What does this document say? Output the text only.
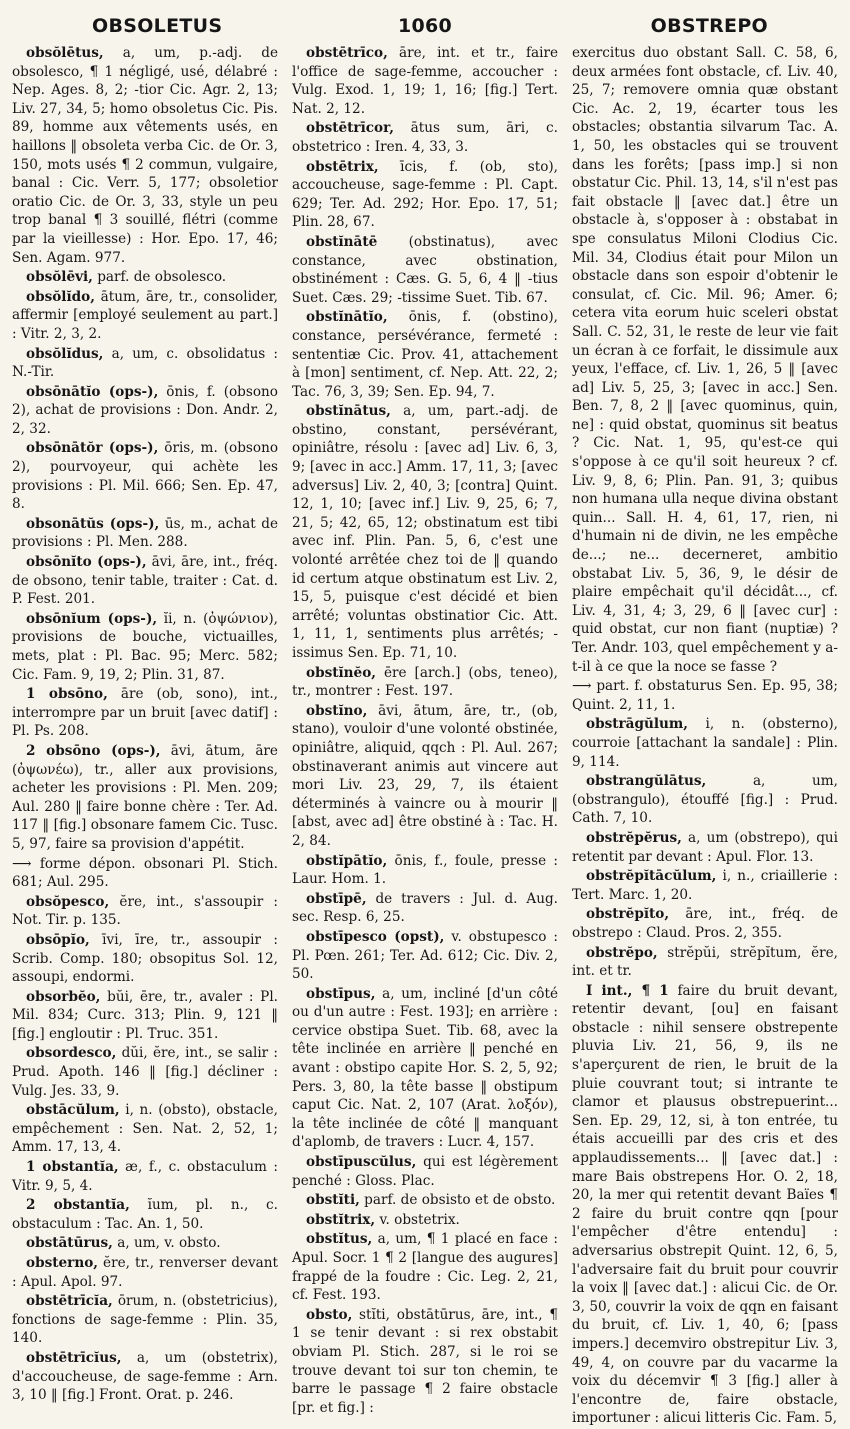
OBSOLETUS	1060	OBSTREPO

obsŏlētus, a, um, p.-adj. de obsolesco, ¶ 1 négligé, usé, délabré : Nep. Ages. 8, 2; -tior Cic. Agr. 2, 13; Liv. 27, 34, 5; homo obsoletus Cic. Pis. 89, homme aux vêtements usés, en haillons ‖ obsoleta verba Cic. de Or. 3, 150, mots usés ¶ 2 commun, vulgaire, banal : Cic. Verr. 5, 177; obsoletior oratio Cic. de Or. 3, 33, style un peu trop banal ¶ 3 souillé, flétri (comme par la vieillesse) : Hor. Epo. 17, 46; Sen. Agam. 977.

obsŏlēvi, parf. de obsolesco.

obsŏlĭdo, ātum, āre, tr., consolider, affermir [employé seulement au part.] : Vitr. 2, 3, 2.

obsŏlĭdus, a, um, c. obsolidatus : N.-Tir.

obsōnātĭo (ops-), ōnis, f. (obsono 2), achat de provisions : Don. Andr. 2, 2, 32.

obsōnātŏr (ops-), ōris, m. (obsono 2), pourvoyeur, qui achète les provisions : Pl. Mil. 666; Sen. Ep. 47, 8.

obsonātŭs (ops-), ūs, m., achat de provisions : Pl. Men. 288.

obsōnĭto (ops-), āvi, āre, int., fréq. de obsono, tenir table, traiter : Cat. d. P. Fest. 201.

obsōnĭum (ops-), ĭi, n. (ὀψώνιον), provisions de bouche, victuailles, mets, plat : Pl. Bac. 95; Merc. 582; Cic. Fam. 9, 19, 2; Plin. 31, 87.

1 obsōno, āre (ob, sono), int., interrompre par un bruit [avec datif] : Pl. Ps. 208.

2 obsōno (ops-), āvi, ātum, āre (ὀψωνέω), tr., aller aux provisions, acheter les provisions : Pl. Men. 209; Aul. 280 ‖ faire bonne chère : Ter. Ad. 117 ‖ [fig.] obsonare famem Cic. Tusc. 5, 97, faire sa provision d'appétit.

⟶ forme dépon. obsonari Pl. Stich. 681; Aul. 295.

obsŏpesco, ĕre, int., s'assoupir : Not. Tir. p. 135.

obsōpĭo, īvi, īre, tr., assoupir : Scrib. Comp. 180; obsopitus Sol. 12, assoupi, endormi.

obsorbĕo, bŭi, ēre, tr., avaler : Pl. Mil. 834; Curc. 313; Plin. 9, 121 ‖ [fig.] engloutir : Pl. Truc. 351.

obsordesco, dŭi, ĕre, int., se salir : Prud. Apoth. 146 ‖ [fig.] décliner : Vulg. Jes. 33, 9.

obstācŭlum, i, n. (obsto), obstacle, empêchement : Sen. Nat. 2, 52, 1; Amm. 17, 13, 4.

1 obstantĭa, æ, f., c. obstaculum : Vitr. 9, 5, 4.

2 obstantĭa, ĭum, pl. n., c. obstaculum : Tac. An. 1, 50.

obstātūrus, a, um, v. obsto.

obsterno, ĕre, tr., renverser devant : Apul. Apol. 97.

obstētrīcĭa, ōrum, n. (obstetricius), fonctions de sage-femme : Plin. 35, 140.

obstētrīcĭus, a, um (obstetrix), d'accoucheuse, de sage-femme : Arn. 3, 10 ‖ [fig.] Front. Orat. p. 246.

obstētrīco, āre, int. et tr., faire l'office de sage-femme, accoucher : Vulg. Exod. 1, 19; 1, 16; [fig.] Tert. Nat. 2, 12.

obstētrīcor, ātus sum, āri, c. obstetrico : Iren. 4, 33, 3.

obstētrix, īcis, f. (ob, sto), accoucheuse, sage-femme : Pl. Capt. 629; Ter. Ad. 292; Hor. Epo. 17, 51; Plin. 28, 67.

obstĭnātē (obstinatus), avec constance, avec obstination, obstinément : Cæs. G. 5, 6, 4 ‖ -tius Suet. Cæs. 29; -tissime Suet. Tib. 67.

obstĭnātĭo, ōnis, f. (obstino), constance, persévérance, fermeté : sententiæ Cic. Prov. 41, attachement à [mon] sentiment, cf. Nep. Att. 22, 2; Tac. 76, 3, 39; Sen. Ep. 94, 7.

obstĭnātus, a, um, part.-adj. de obstino, constant, persévérant, opiniâtre, résolu : [avec ad] Liv. 6, 3, 9; [avec in acc.] Amm. 17, 11, 3; [avec adversus] Liv. 2, 40, 3; [contra] Quint. 12, 1, 10; [avec inf.] Liv. 9, 25, 6; 7, 21, 5; 42, 65, 12; obstinatum est tibi avec inf. Plin. Pan. 5, 6, c'est une volonté arrêtée chez toi de ‖ quando id certum atque obstinatum est Liv. 2, 15, 5, puisque c'est décidé et bien arrêté; voluntas obstinatior Cic. Att. 1, 11, 1, sentiments plus arrêtés; -issimus Sen. Ep. 71, 10.

obstĭnĕo, ēre [arch.] (obs, teneo), tr., montrer : Fest. 197.

obstĭno, āvi, ātum, āre, tr., (ob, stano), vouloir d'une volonté obstinée, opiniâtre, aliquid, qqch : Pl. Aul. 267; obstinaverant animis aut vincere aut mori Liv. 23, 29, 7, ils étaient déterminés à vaincre ou à mourir ‖ [abst, avec ad] être obstiné à : Tac. H. 2, 84.

obstĭpātĭo, ōnis, f., foule, presse : Laur. Hom. 1.

obstīpē, de travers : Jul. d. Aug. sec. Resp. 6, 25.

obstīpesco (opst), v. obstupesco : Pl. Pœn. 261; Ter. Ad. 612; Cic. Div. 2, 50.

obstīpus, a, um, incliné [d'un côté ou d'un autre : Fest. 193]; en arrière : cervice obstipa Suet. Tib. 68, avec la tête inclinée en arrière ‖ penché en avant : obstipo capite Hor. S. 2, 5, 92; Pers. 3, 80, la tête basse ‖ obstipum caput Cic. Nat. 2, 107 (Arat. λοξόν), la tête inclinée de côté ‖ manquant d'aplomb, de travers : Lucr. 4, 157.

obstīpuscŭlus, qui est légèrement penché : Gloss. Plac.

obstĭti, parf. de obsisto et de obsto.

obstĭtrix, v. obstetrix.

obstĭtus, a, um, ¶ 1 placé en face : Apul. Socr. 1 ¶ 2 [langue des augures] frappé de la foudre : Cic. Leg. 2, 21, cf. Fest. 193.

obsto, stĭti, obstātūrus, āre, int., ¶ 1 se tenir devant : si rex obstabit obviam Pl. Stich. 287, si le roi se trouve devant toi sur ton chemin, te barre le passage ¶ 2 faire obstacle [pr. et fig.] :

exercitus duo obstant Sall. C. 58, 6, deux armées font obstacle, cf. Liv. 40, 25, 7; removere omnia quæ obstant Cic. Ac. 2, 19, écarter tous les obstacles; obstantia silvarum Tac. A. 1, 50, les obstacles qui se trouvent dans les forêts; [pass imp.] si non obstatur Cic. Phil. 13, 14, s'il n'est pas fait obstacle ‖ [avec dat.] être un obstacle à, s'opposer à : obstabat in spe consulatus Miloni Clodius Cic. Mil. 34, Clodius était pour Milon un obstacle dans son espoir d'obtenir le consulat, cf. Cic. Mil. 96; Amer. 6; cetera vita eorum huic sceleri obstat Sall. C. 52, 31, le reste de leur vie fait un écran à ce forfait, le dissimule aux yeux, l'efface, cf. Liv. 1, 26, 5 ‖ [avec ad] Liv. 5, 25, 3; [avec in acc.] Sen. Ben. 7, 8, 2 ‖ [avec quominus, quin, ne] : quid obstat, quominus sit beatus ? Cic. Nat. 1, 95, qu'est-ce qui s'oppose à ce qu'il soit heureux ? cf. Liv. 9, 8, 6; Plin. Pan. 91, 3; quibus non humana ulla neque divina obstant quin... Sall. H. 4, 61, 17, rien, ni d'humain ni de divin, ne les empêche de...; ne... decerneret, ambitio obstabat Liv. 5, 36, 9, le désir de plaire empêchait qu'il décidât..., cf. Liv. 4, 31, 4; 3, 29, 6 ‖ [avec cur] : quid obstat, cur non fiant (nuptiæ) ? Ter. Andr. 103, quel empêchement y a-t-il à ce que la noce se fasse ?

⟶ part. f. obstaturus Sen. Ep. 95, 38; Quint. 2, 11, 1.

obstrāgŭlum, i, n. (obsterno), courroie [attachant la sandale] : Plin. 9, 114.

obstrangŭlātus, a, um, (obstrangulo), étouffé [fig.] : Prud. Cath. 7, 10.

obstrĕpĕrus, a, um (obstrepo), qui retentit par devant : Apul. Flor. 13.

obstrĕpĭtācŭlum, i, n., criaillerie : Tert. Marc. 1, 20.

obstrĕpĭto, āre, int., fréq. de obstrepo : Claud. Pros. 2, 355.

obstrĕpo, strĕpŭi, strĕpĭtum, ĕre, int. et tr.

I int., ¶ 1 faire du bruit devant, retentir devant, [ou] en faisant obstacle : nihil sensere obstrepente pluvia Liv. 21, 56, 9, ils ne s'aperçurent de rien, le bruit de la pluie couvrant tout; si intrante te clamor et plausus obstrepuerint... Sen. Ep. 29, 12, si, à ton entrée, tu étais accueilli par des cris et des applaudissements... ‖ [avec dat.] : mare Bais obstrepens Hor. O. 2, 18, 20, la mer qui retentit devant Baïes ¶ 2 faire du bruit contre qqn [pour l'empêcher d'être entendu] : adversarius obstrepit Quint. 12, 6, 5, l'adversaire fait du bruit pour couvrir la voix ‖ [avec dat.] : alicui Cic. de Or. 3, 50, couvrir la voix de qqn en faisant du bruit, cf. Liv. 1, 40, 6; [pass impers.] decemviro obstrepitur Liv. 3, 49, 4, on couvre par du vacarme la voix du décemvir ¶ 3 [fig.] aller à l'encontre de, faire obstacle, importuner : alicui litteris Cic. Fam. 5,
